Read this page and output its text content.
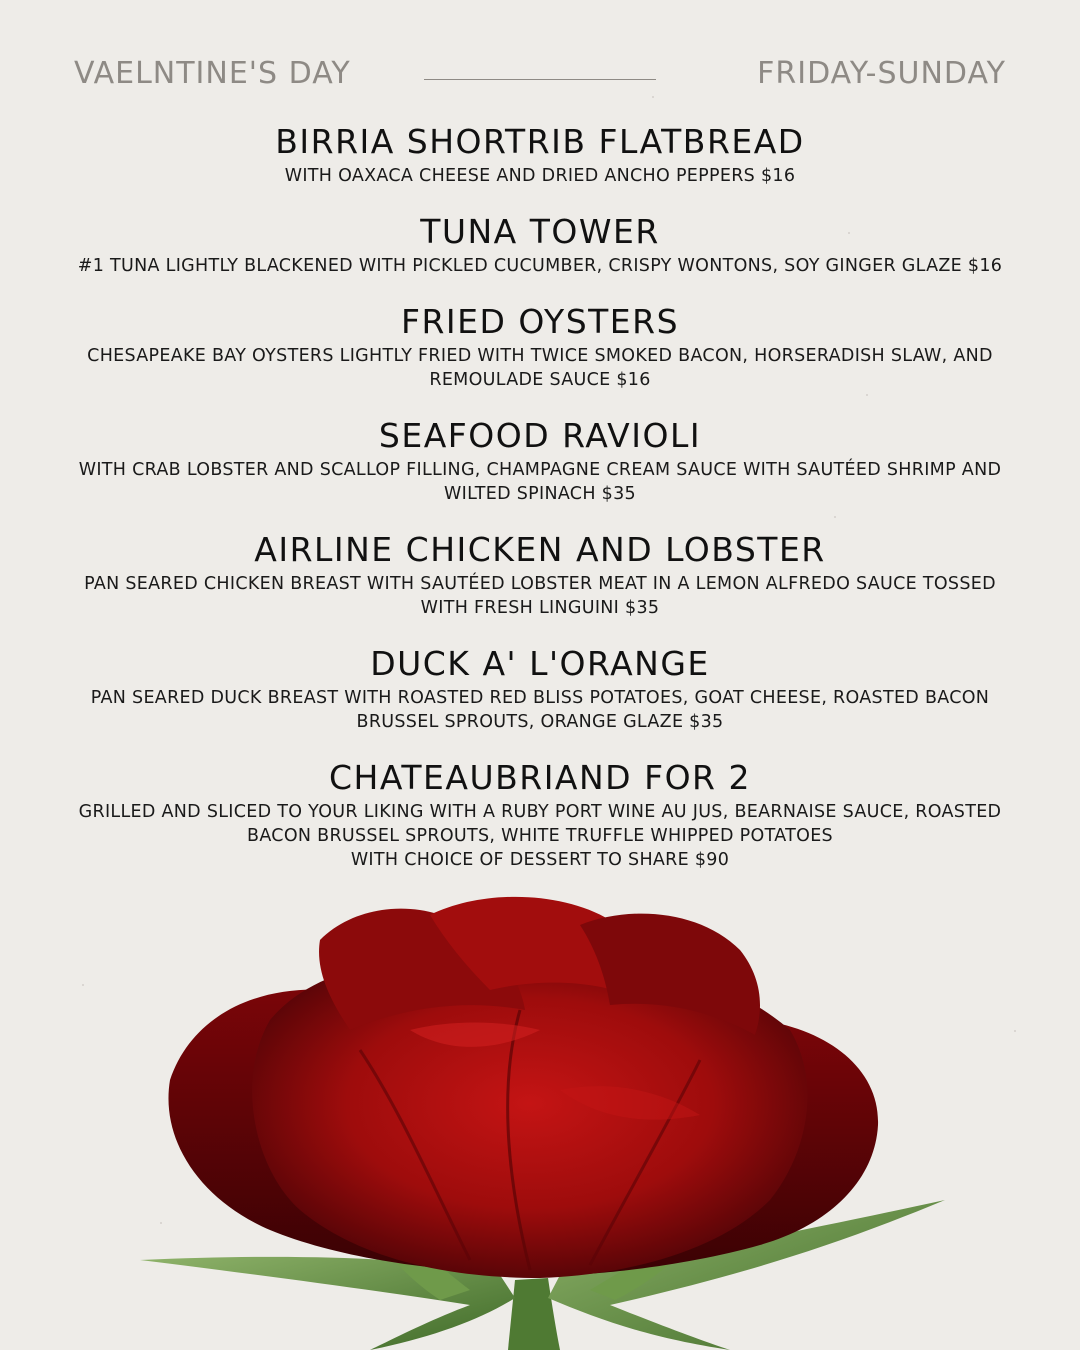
VAELNTINE'S DAY	FRIDAY-SUNDAY
BIRRIA SHORTRIB FLATBREAD
WITH OAXACA CHEESE AND DRIED ANCHO PEPPERS $16
TUNA TOWER
#1 TUNA LIGHTLY BLACKENED WITH PICKLED CUCUMBER, CRISPY WONTONS, SOY GINGER GLAZE $16
FRIED OYSTERS
CHESAPEAKE BAY OYSTERS LIGHTLY FRIED WITH TWICE SMOKED BACON, HORSERADISH SLAW, AND
REMOULADE SAUCE $16
SEAFOOD RAVIOLI
WITH CRAB LOBSTER AND SCALLOP FILLING, CHAMPAGNE CREAM SAUCE WITH SAUTÉED SHRIMP AND
WILTED SPINACH $35
AIRLINE CHICKEN AND LOBSTER
PAN SEARED CHICKEN BREAST WITH SAUTÉED LOBSTER MEAT IN A LEMON ALFREDO SAUCE TOSSED
WITH FRESH LINGUINI $35
DUCK A' L'ORANGE
PAN SEARED DUCK BREAST WITH ROASTED RED BLISS POTATOES, GOAT CHEESE, ROASTED BACON
BRUSSEL SPROUTS, ORANGE GLAZE $35
CHATEAUBRIAND FOR 2
GRILLED AND SLICED TO YOUR LIKING WITH A RUBY PORT WINE AU JUS, BEARNAISE SAUCE, ROASTED
BACON BRUSSEL SPROUTS, WHITE TRUFFLE WHIPPED POTATOES
WITH CHOICE OF DESSERT TO SHARE $90
